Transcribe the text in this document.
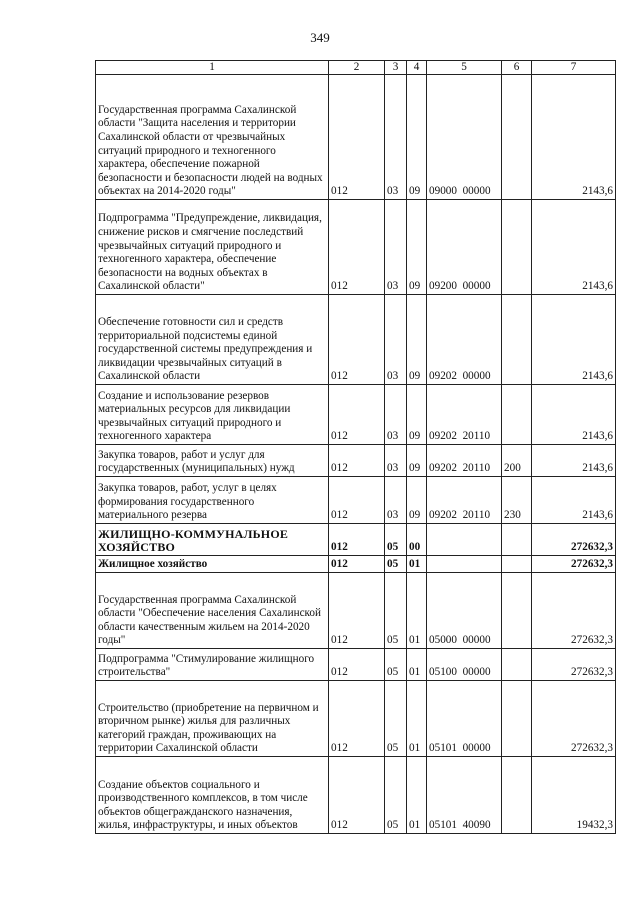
349
1	2	3	4	5	6	7
Государственная программа Сахалинской области "Защита населения и территории Сахалинской области от чрезвычайных ситуаций природного и техногенного характера, обеспечение пожарной безопасности и безопасности людей на водных объектах на 2014-2020 годы"	012	03	09	09000  00000		2143,6
Подпрограмма "Предупреждение, ликвидация, снижение рисков и смягчение последствий чрезвычайных ситуаций природного и техногенного характера, обеспечение безопасности на водных объектах в Сахалинской области"	012	03	09	09200  00000		2143,6
Обеспечение готовности сил и средств территориальной подсистемы единой государственной системы предупреждения и ликвидации чрезвычайных ситуаций в Сахалинской области	012	03	09	09202  00000		2143,6
Создание и использование резервов материальных ресурсов для ликвидации чрезвычайных ситуаций природного и техногенного характера	012	03	09	09202  20110		2143,6
Закупка товаров, работ и услуг для государственных (муниципальных) нужд	012	03	09	09202  20110	200	2143,6
Закупка товаров, работ, услуг в целях формирования государственного материального резерва	012	03	09	09202  20110	230	2143,6
ЖИЛИЩНО-КОММУНАЛЬНОЕ ХОЗЯЙСТВО	012	05	00			272632,3
Жилищное хозяйство	012	05	01			272632,3
Государственная программа Сахалинской области "Обеспечение населения Сахалинской области качественным жильем на 2014-2020 годы"	012	05	01	05000  00000		272632,3
Подпрограмма "Стимулирование жилищного строительства"	012	05	01	05100  00000		272632,3
Строительство (приобретение на первичном и вторичном рынке) жилья для различных категорий граждан, проживающих на территории Сахалинской области	012	05	01	05101  00000		272632,3
Создание объектов социального и производственного комплексов, в том числе объектов общегражданского назначения, жилья, инфраструктуры, и иных объектов	012	05	01	05101  40090		19432,3
